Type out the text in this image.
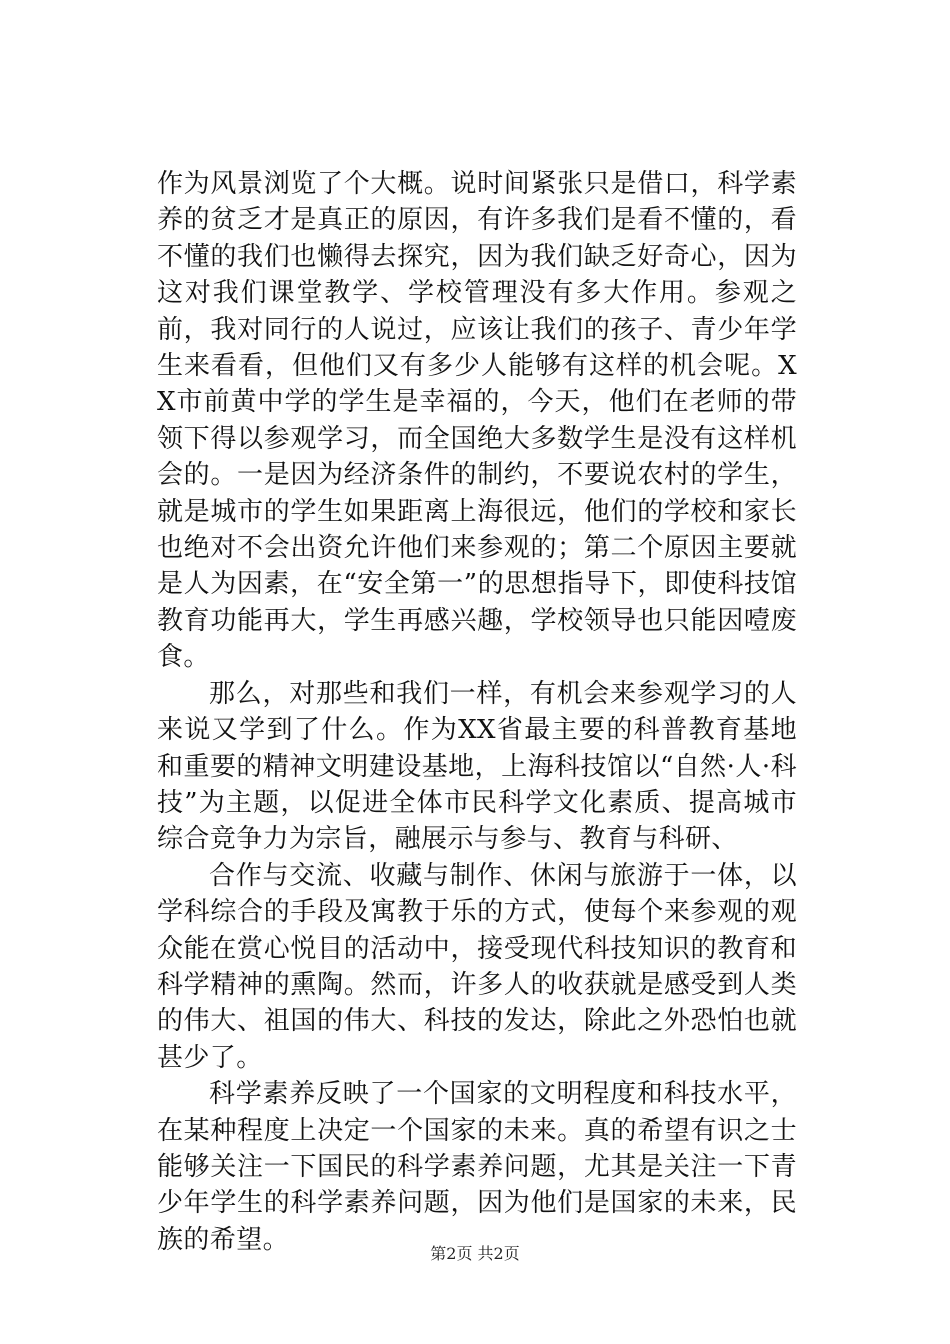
作为风景浏览了个大概。说时间紧张只是借口，科学素养的贫乏才是真正的原因，有许多我们是看不懂的，看不懂的我们也懒得去探究，因为我们缺乏好奇心，因为这对我们课堂教学、学校管理没有多大作用。参观之前，我对同行的人说过，应该让我们的孩子、青少年学生来看看，但他们又有多少人能够有这样的机会呢。XX市前黄中学的学生是幸福的，今天，他们在老师的带领下得以参观学习，而全国绝大多数学生是没有这样机会的。一是因为经济条件的制约，不要说农村的学生，就是城市的学生如果距离上海很远，他们的学校和家长也绝对不会出资允许他们来参观的；第二个原因主要就是人为因素，在“安全第一”的思想指导下，即使科技馆教育功能再大，学生再感兴趣，学校领导也只能因噎废食。

那么，对那些和我们一样，有机会来参观学习的人来说又学到了什么。作为XX省最主要的科普教育基地和重要的精神文明建设基地，上海科技馆以“自然·人·科技”为主题，以促进全体市民科学文化素质、提高城市综合竞争力为宗旨，融展示与参与、教育与科研、

合作与交流、收藏与制作、休闲与旅游于一体，以学科综合的手段及寓教于乐的方式，使每个来参观的观众能在赏心悦目的活动中，接受现代科技知识的教育和科学精神的熏陶。然而，许多人的收获就是感受到人类的伟大、祖国的伟大、科技的发达，除此之外恐怕也就甚少了。

科学素养反映了一个国家的文明程度和科技水平，在某种程度上决定一个国家的未来。真的希望有识之士能够关注一下国民的科学素养问题，尤其是关注一下青少年学生的科学素养问题，因为他们是国家的未来，民族的希望。	第2页 共2页
